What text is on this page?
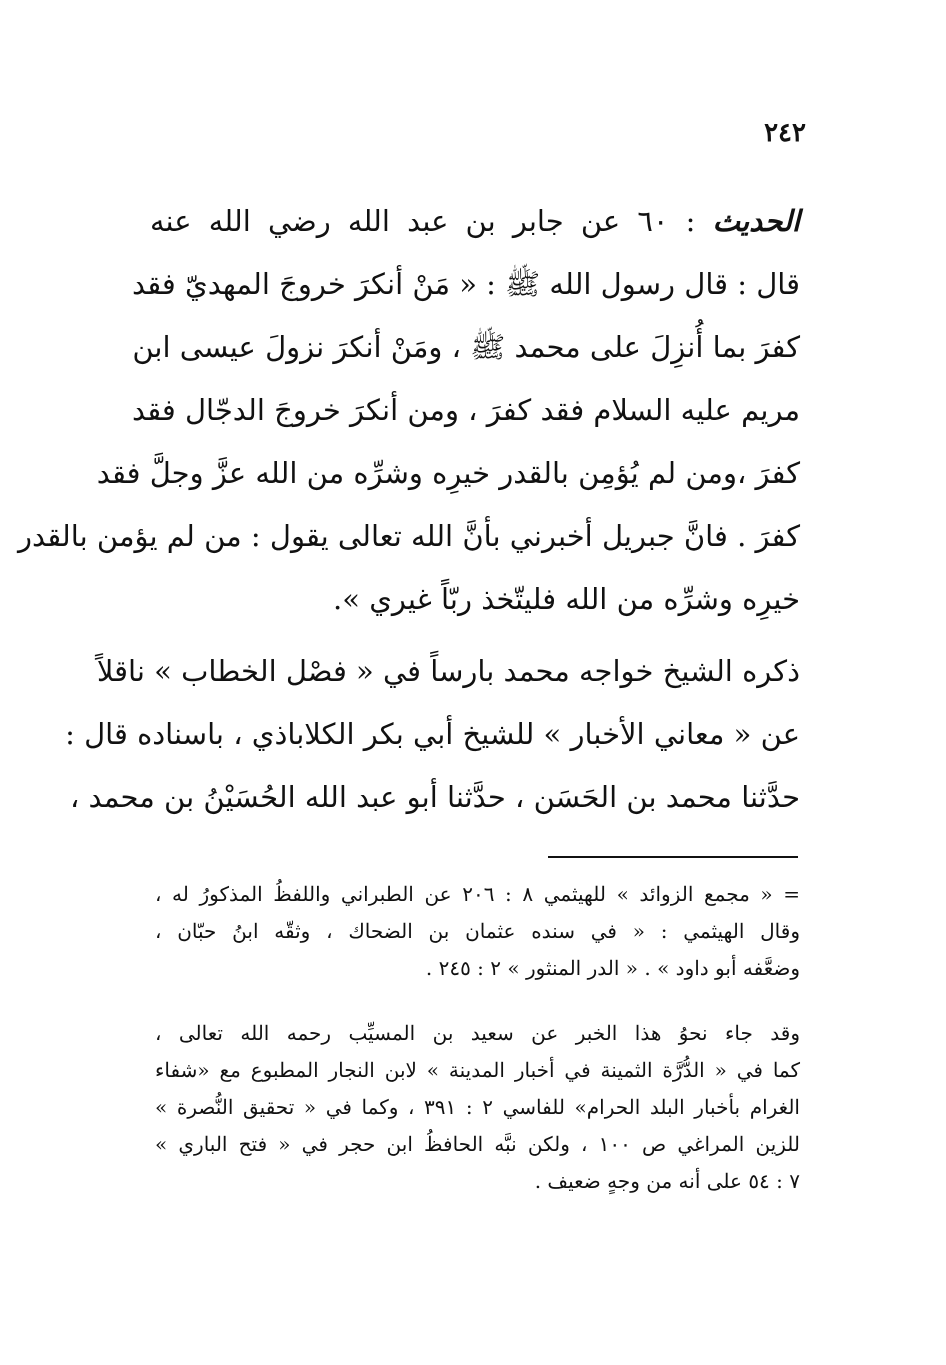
٢٤٢
الحديث : ٦٠ عن جابر بن عبد الله رضي الله عنه
قال : قال رسول الله ﷺ : « مَنْ أنكرَ خروجَ المهديّ فقد
كفرَ بما أُنزِلَ على محمد ﷺ ، ومَنْ أنكرَ نزولَ عيسى ابن
مريم عليه السلام فقد كفرَ ، ومن أنكرَ خروجَ الدجّال فقد
كفرَ ،ومن لم يُؤمِن بالقدر خيرِه وشرِّه من الله عزَّ وجلَّ فقد
كفرَ . فانَّ جبريل أخبرني بأنَّ الله تعالى يقول : من لم يؤمن بالقدر
خيرِه وشرِّه من الله فليتّخذ ربّاً غيري ».
ذكره الشيخ خواجه محمد بارساً في « فصْل الخطاب » ناقلاً
عن « معاني الأخبار » للشيخ أبي بكر الكلاباذي ، باسناده قال :
حدَّثنا محمد بن الحَسَن ، حدَّثنا أبو عبد الله الحُسَيْنُ بن محمد ،
= « مجمع الزوائد » للهيثمي ٨ : ٢٠٦ عن الطبراني واللفظُ المذكورُ له ،
وقال الهيثمي : « في سنده عثمان بن الضحاك ، وثقّه ابنُ حبّان ،
وضعَّفه أبو داود » . « الدر المنثور » ٢ : ٢٤٥ .
وقد جاء نحوُ هذا الخبر عن سعيد بن المسيِّب رحمه الله تعالى ،
كما في « الدُّرَّة الثمينة في أخبار المدينة » لابن النجار المطبوع مع «شفاء
الغرام بأخبار البلد الحرام» للفاسي ٢ : ٣٩١ ، وكما في « تحقيق النُّصرة »
للزين المراغي ص ١٠٠ ، ولكن نبَّه الحافظُ ابن حجر في « فتح الباري »
٧ : ٥٤ على أنه من وجهٍ ضعيف .
